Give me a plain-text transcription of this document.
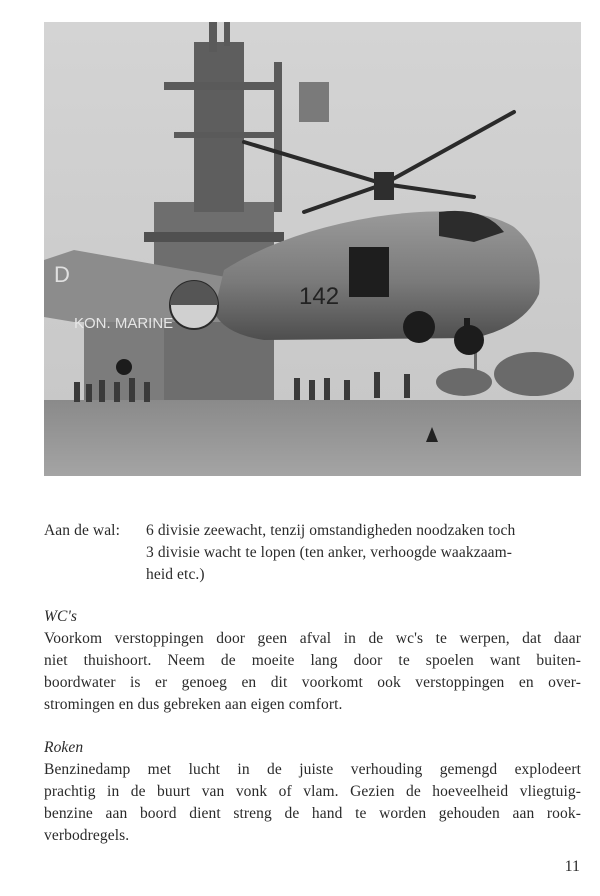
D
KON. MARINE
142
Aan de wal:	6 divisie zeewacht, tenzij omstandigheden noodzaken toch
3 divisie wacht te lopen (ten anker, verhoogde waakzaam-
heid etc.)
WC's
Voorkom verstoppingen door geen afval in de wc's te werpen, dat daar
niet thuishoort. Neem de moeite lang door te spoelen want buiten-
boordwater is er genoeg en dit voorkomt ook verstoppingen en over-
stromingen en dus gebreken aan eigen comfort.
Roken
Benzinedamp met lucht in de juiste verhouding gemengd explodeert
prachtig in de buurt van vonk of vlam. Gezien de hoeveelheid vliegtuig-
benzine aan boord dient streng de hand te worden gehouden aan rook-
verbodregels.
11
